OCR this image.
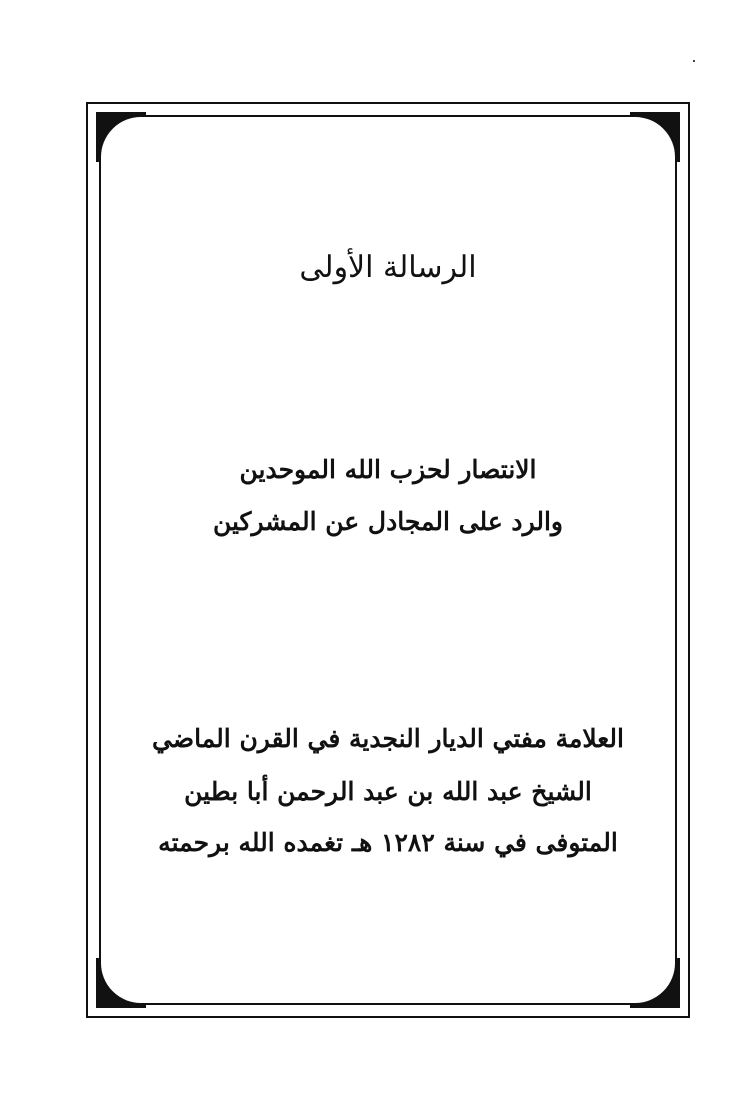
الرسالة الأولى
الانتصار لحزب الله الموحدين
والرد على المجادل عن المشركين
العلامة مفتي الديار النجدية في القرن الماضي
الشيخ عبد الله بن عبد الرحمن أبا بطين
المتوفى في سنة ١٢٨٢ هـ تغمده الله برحمته
